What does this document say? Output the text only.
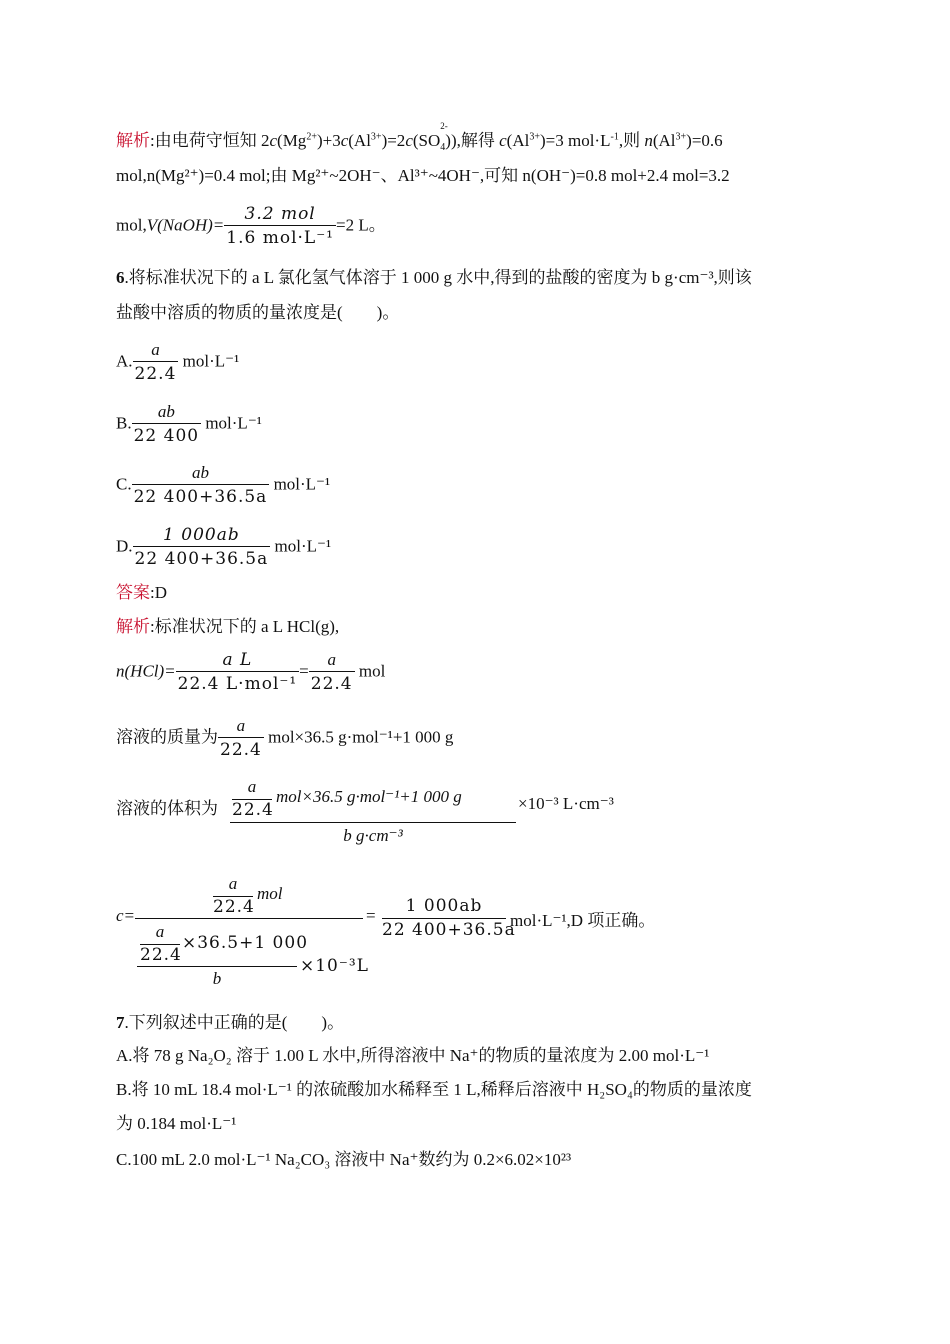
解析:由电荷守恒知 $2c(Mg^{2+})+3c(Al^{3+})=2c(SO$
$_{2- 4}$)),解得 $c(Al^{3+})=3$ $mol\cdot L^{-1}$,则 $n(Al^{3+})=0.6$
mol,n(Mg²⁺)=0.4 mol;由 Mg²⁺~2OH⁻、Al³⁺~4OH⁻,可知 n(OH⁻)=0.8 mol+2.4 mol=3.2
mol,V(NaOH)= $\frac{\text{3.2 mol}}{\text{1.6 mol·L⁻¹}} =2$ L。
6.将标准状况下的 a L 氯化氢气体溶于 1 000 g 水中,得到的盐酸的密度为 b g·cm⁻³,则该
盐酸中溶质的物质的量浓度是(　　)。
A. $\frac{a}{22.4} mol\cdot L^{-1}$
B. $\frac{ab}{22 400} mol\cdot L^{-1}$
C. $\frac{ab}{22 400+36.5a} mol\cdot L^{-1}$
D. $\frac{1 000ab}{22 400+36.5a} mol\cdot L^{-1}$
答案:D
解析:标准状况下的 a L HCl(g),
$n(HCl)= \frac{\text{a L}}{\text{22.4 L·mol⁻¹}} = \frac{a}{22.4}$ mol
溶液的质量为 $\frac{a}{22.4} mol\times 36.5$ g·mol⁻¹+1 000 g
溶液的体积为
a
22.4
mol×36.5 g·mol⁻¹+1 000 g
b g·cm⁻³
×10⁻³ L·cm⁻³
c=
a
22.4
mol
a
22.4
×36.5+1 000
b
×10⁻³L
=	1 000ab
22 400+36.5a
mol·L⁻¹,D 项正确。
7.下列叙述中正确的是(　　)。
A.将 78 g Na₂O₂ 溶于 1.00 L 水中,所得溶液中 Na⁺的物质的量浓度为 2.00 mol·L⁻¹
B.将 10 mL 18.4 mol·L⁻¹ 的浓硫酸加水稀释至 1 L,稀释后溶液中 H₂SO₄的物质的量浓度
为 0.184 mol·L⁻¹
C.100 mL 2.0 mol·L⁻¹ Na₂CO₃ 溶液中 Na⁺数约为 0.2×6.02×10²³
